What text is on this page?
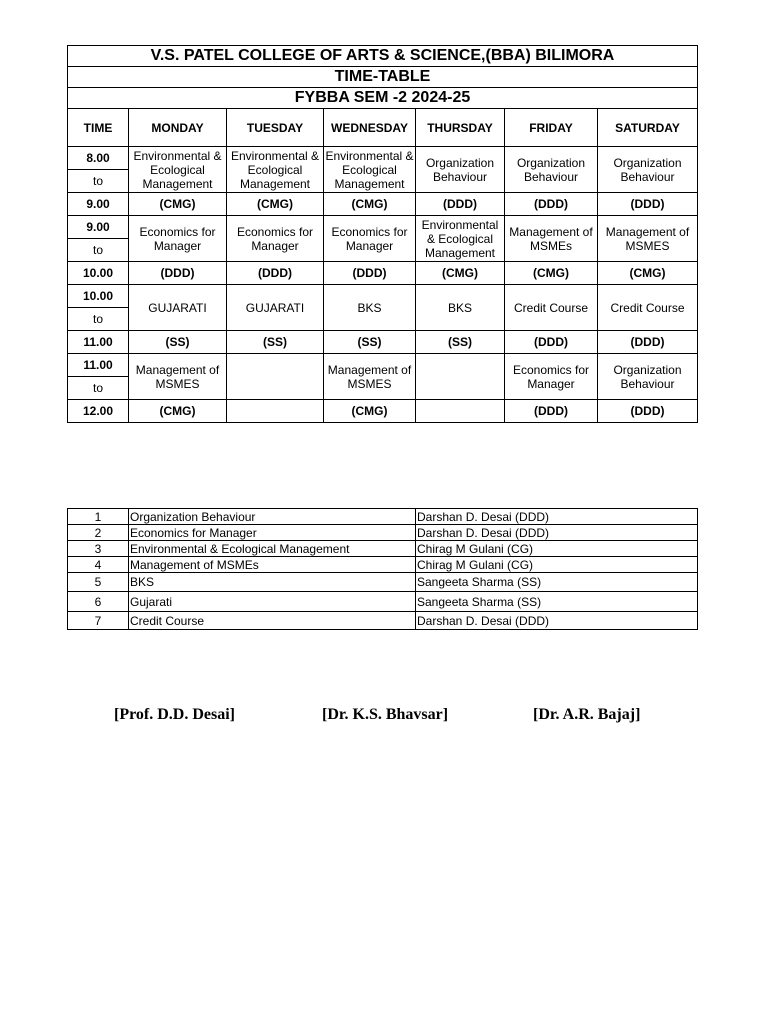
V.S. PATEL COLLEGE OF ARTS & SCIENCE,(BBA) BILIMORA						
TIME-TABLE						
FYBBA SEM -2 2024-25						
TIME	MONDAY	TUESDAY	WEDNESDAY	THURSDAY	FRIDAY	SATURDAY
8.00	Environmental & Ecological Management	Environmental & Ecological Management	Environmental & Ecological Management	Organization Behaviour	Organization Behaviour	Organization Behaviour
to						
9.00	(CMG)	(CMG)	(CMG)	(DDD)	(DDD)	(DDD)
9.00	Economics for Manager	Economics for Manager	Economics for Manager	Environmental & Ecological Management	Management of MSMEs	Management of MSMES
to						
10.00	(DDD)	(DDD)	(DDD)	(CMG)	(CMG)	(CMG)
10.00	GUJARATI	GUJARATI	BKS	BKS	Credit Course	Credit Course
to						
11.00	(SS)	(SS)	(SS)	(SS)	(DDD)	(DDD)
11.00	Management of MSMES		Management of MSMES		Economics for Manager	Organization Behaviour
to						
12.00	(CMG)		(CMG)		(DDD)	(DDD)
1	Organization Behaviour	Darshan D. Desai (DDD)
2	Economics for Manager	Darshan D. Desai (DDD)
3	Environmental & Ecological Management	Chirag M Gulani (CG)
4	Management of MSMEs	Chirag M Gulani (CG)
5	BKS	Sangeeta Sharma (SS)
6	Gujarati	Sangeeta Sharma (SS)
7	Credit Course	Darshan D. Desai (DDD)
[Prof. D.D. Desai]	[Dr. K.S. Bhavsar]	[Dr. A.R. Bajaj]
